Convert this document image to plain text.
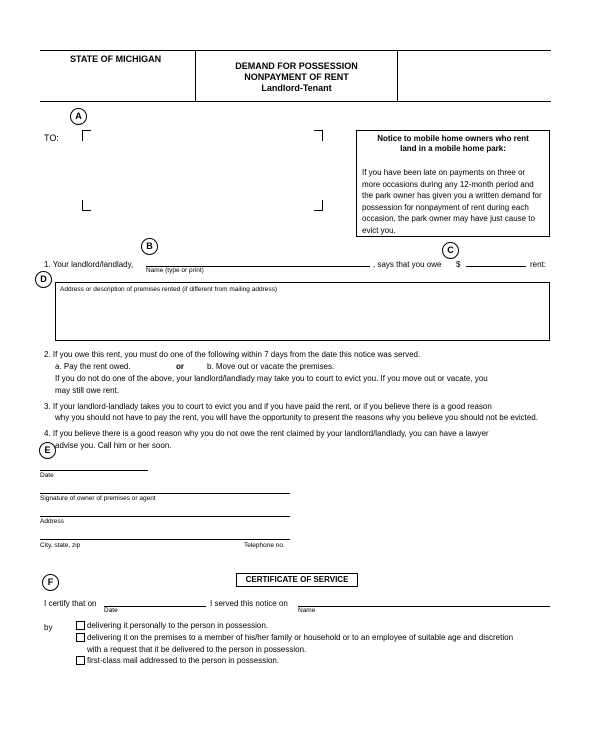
STATE OF MICHIGAN
DEMAND FOR POSSESSION
NONPAYMENT OF RENT
Landlord-Tenant
A
TO:	Notice to mobile home owners who rent
land in a mobile home park:
If you have been late on payments on three or
more occasions during any 12-month period and
the park owner has given you a written demand for
possession for nonpayment of rent during each
occasion, the park owner may have just cause to
evict you.
B	C
1. Your landlord/landlady,
Name (type or print)
, says that you owe $	rent:
D
Address or description of premises rented (if different from mailing address)
2. If you owe this rent, you must do one of the following within 7 days from the date this notice was served.
a. Pay the rent owed.	or	b. Move out or vacate the premises.
If you do not do one of the above, your landlord/landlady may take you to court to evict you. If you move out or vacate, you
may still owe rent.
3. If your landlord-landlady takes you to court to evict you and if you have paid the rent, or if you believe there is a good reason
why you should not have to pay the rent, you will have the opportunity to present the reasons why you believe you should not be evicted.
4. If you believe there is a good reason why you do not owe the rent claimed by your landlord/landlady, you can have a lawyer
advise you. Call him or her soon.
E
Date
Signature of owner of premises or agent
Address
City, state, zip	Telephone no.
F	CERTIFICATE OF SERVICE
I certify that on
Date
I served this notice on
Name
by	delivering it personally to the person in possession.
delivering it on the premises to a member of his/her family or household or to an employee of suitable age and discretion
with a request that it be delivered to the person in possession.
first-class mail addressed to the person in possession.
